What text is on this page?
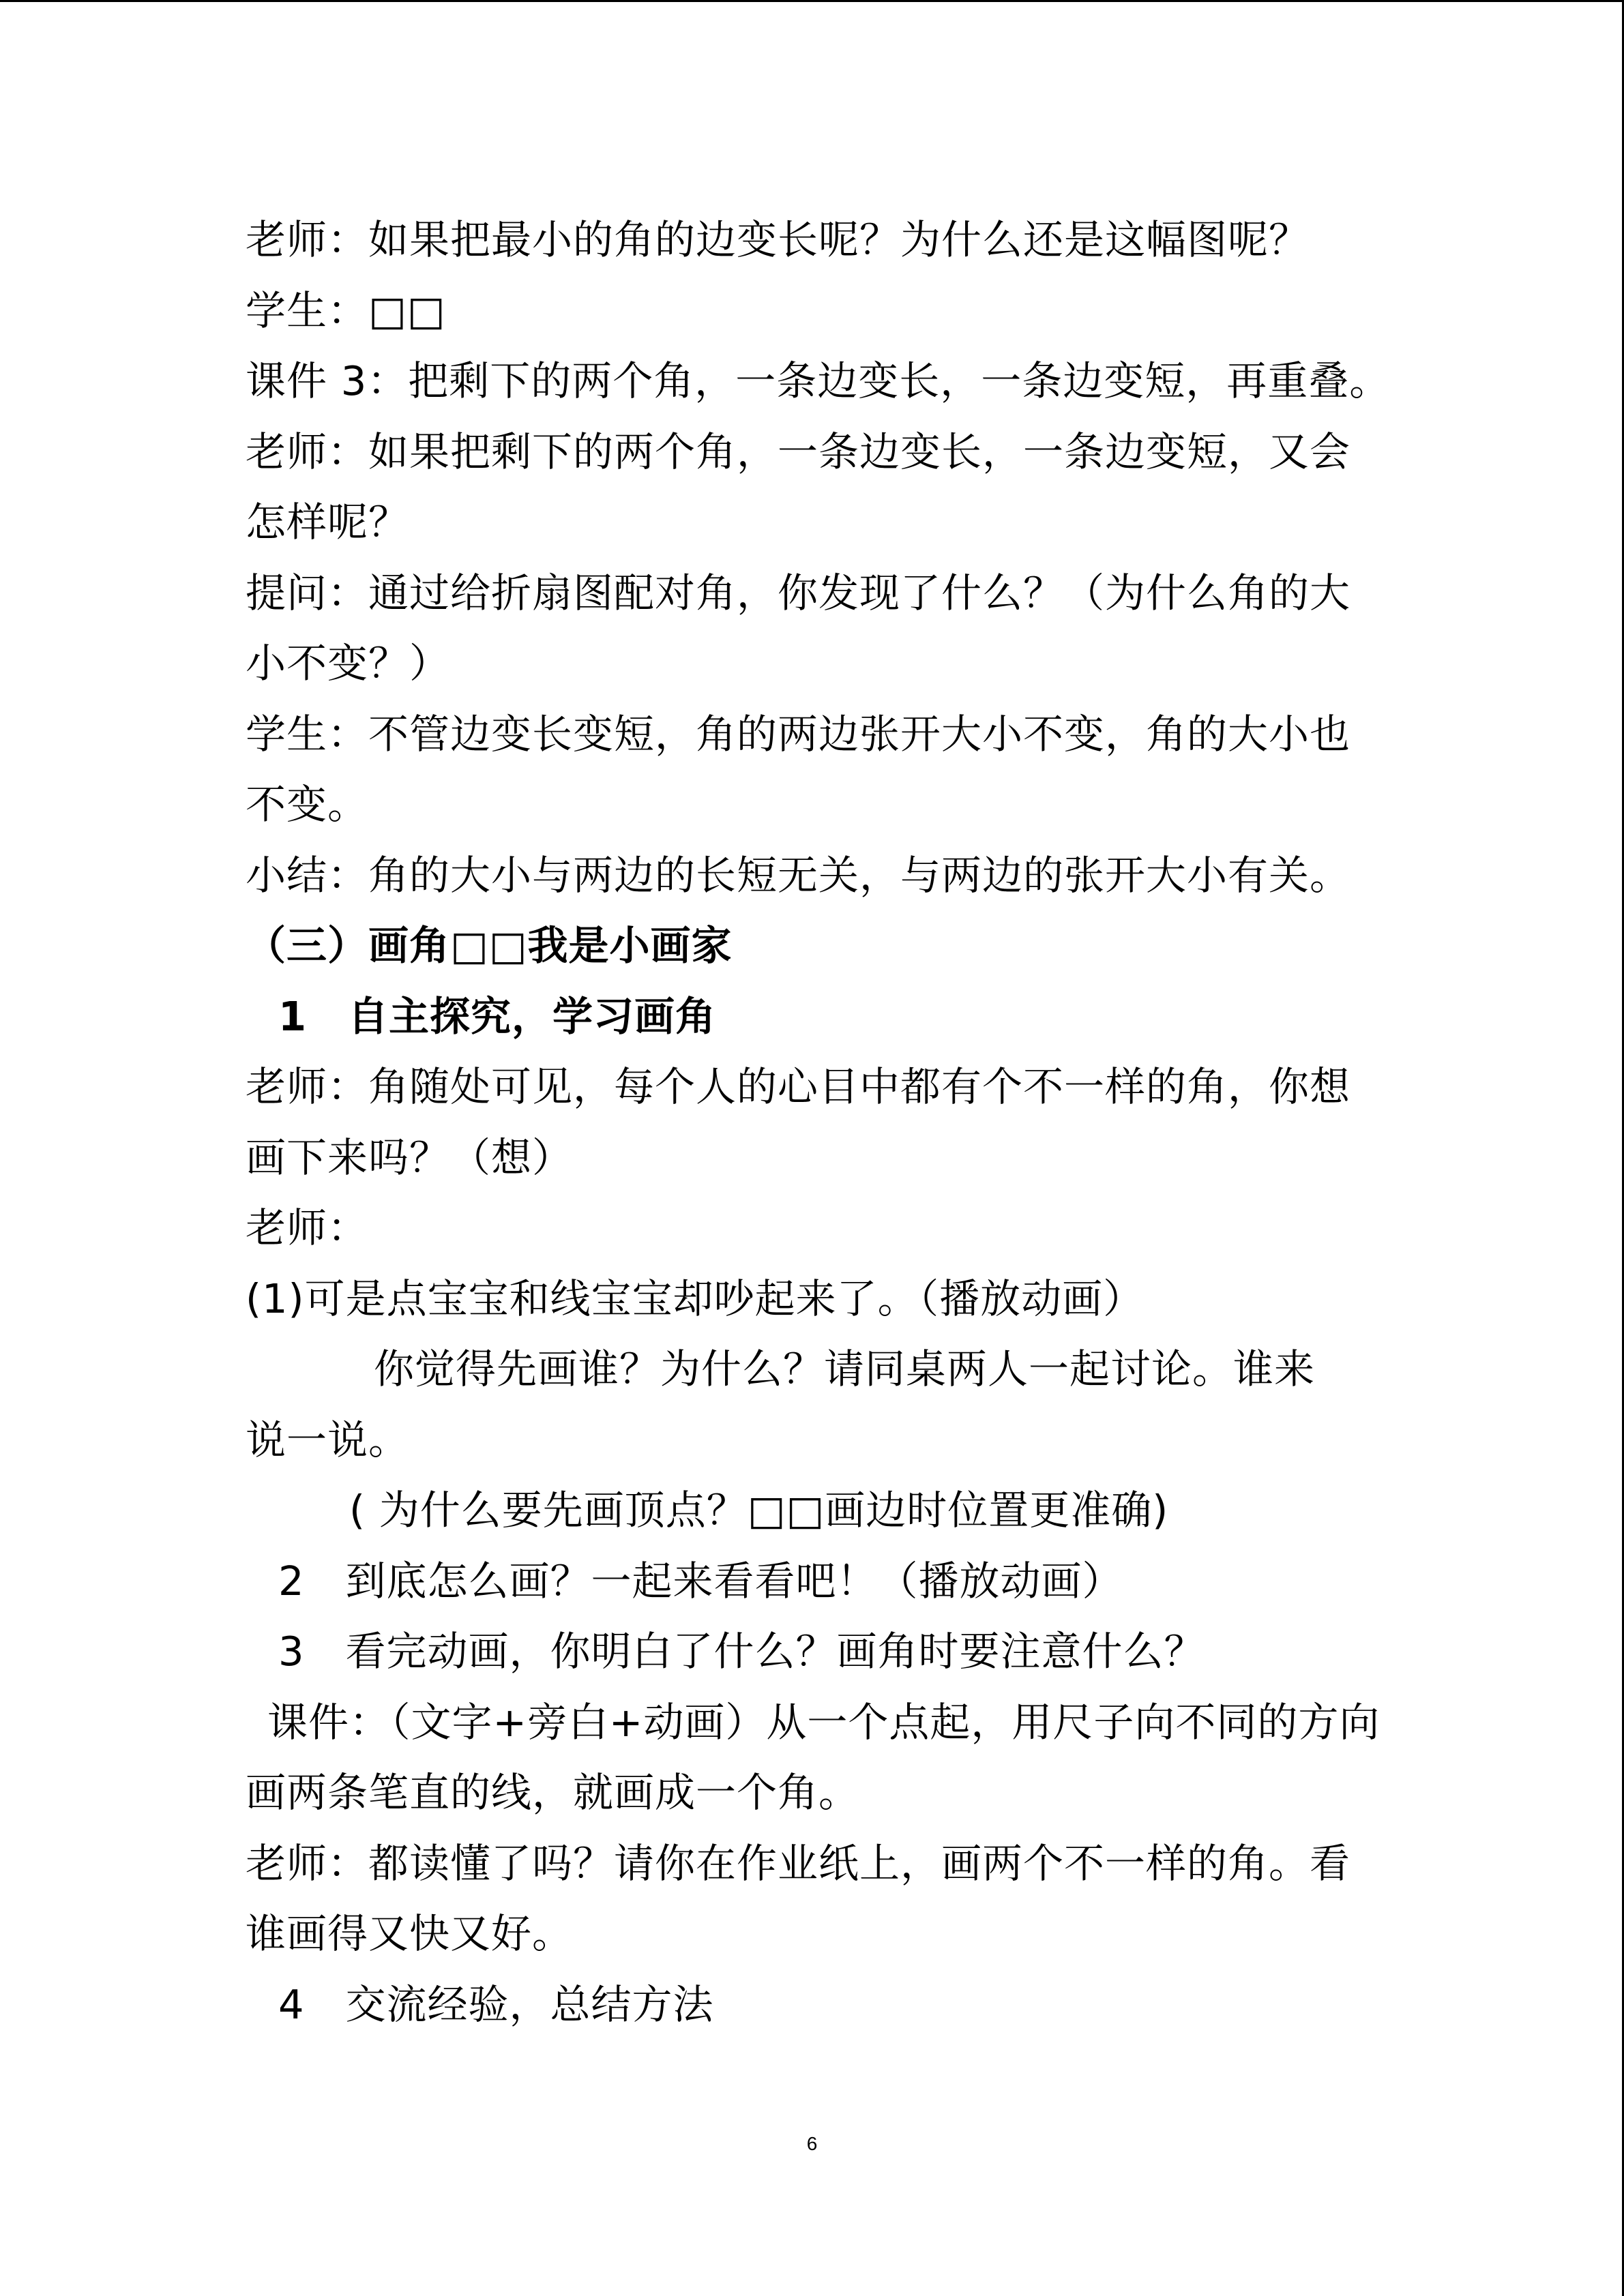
老师：如果把最小的角的边变长呢？为什么还是这幅图呢？
学生：□□
课件 3：把剩下的两个角，一条边变长，一条边变短，再重叠。
老师：如果把剩下的两个角，一条边变长，一条边变短，又会
怎样呢？
提问：通过给折扇图配对角，你发现了什么？（为什么角的大
小不变？）
学生：不管边变长变短，角的两边张开大小不变，角的大小也
不变。
小结：角的大小与两边的长短无关，与两边的张开大小有关。
（三）画角□□我是小画家
1　自主探究，学习画角
老师：角随处可见，每个人的心目中都有个不一样的角，你想
画下来吗？（想）
老师：
(1)可是点宝宝和线宝宝却吵起来了。（播放动画）
你觉得先画谁？为什么？请同桌两人一起讨论。谁来
说一说。
( 为什么要先画顶点？□□画边时位置更准确)
2　到底怎么画？一起来看看吧！（播放动画）
3　看完动画，你明白了什么？画角时要注意什么？
课件：（文字+旁白+动画）从一个点起，用尺子向不同的方向
画两条笔直的线，就画成一个角。
老师：都读懂了吗？请你在作业纸上，画两个不一样的角。看
谁画得又快又好。
4　交流经验，总结方法
6
